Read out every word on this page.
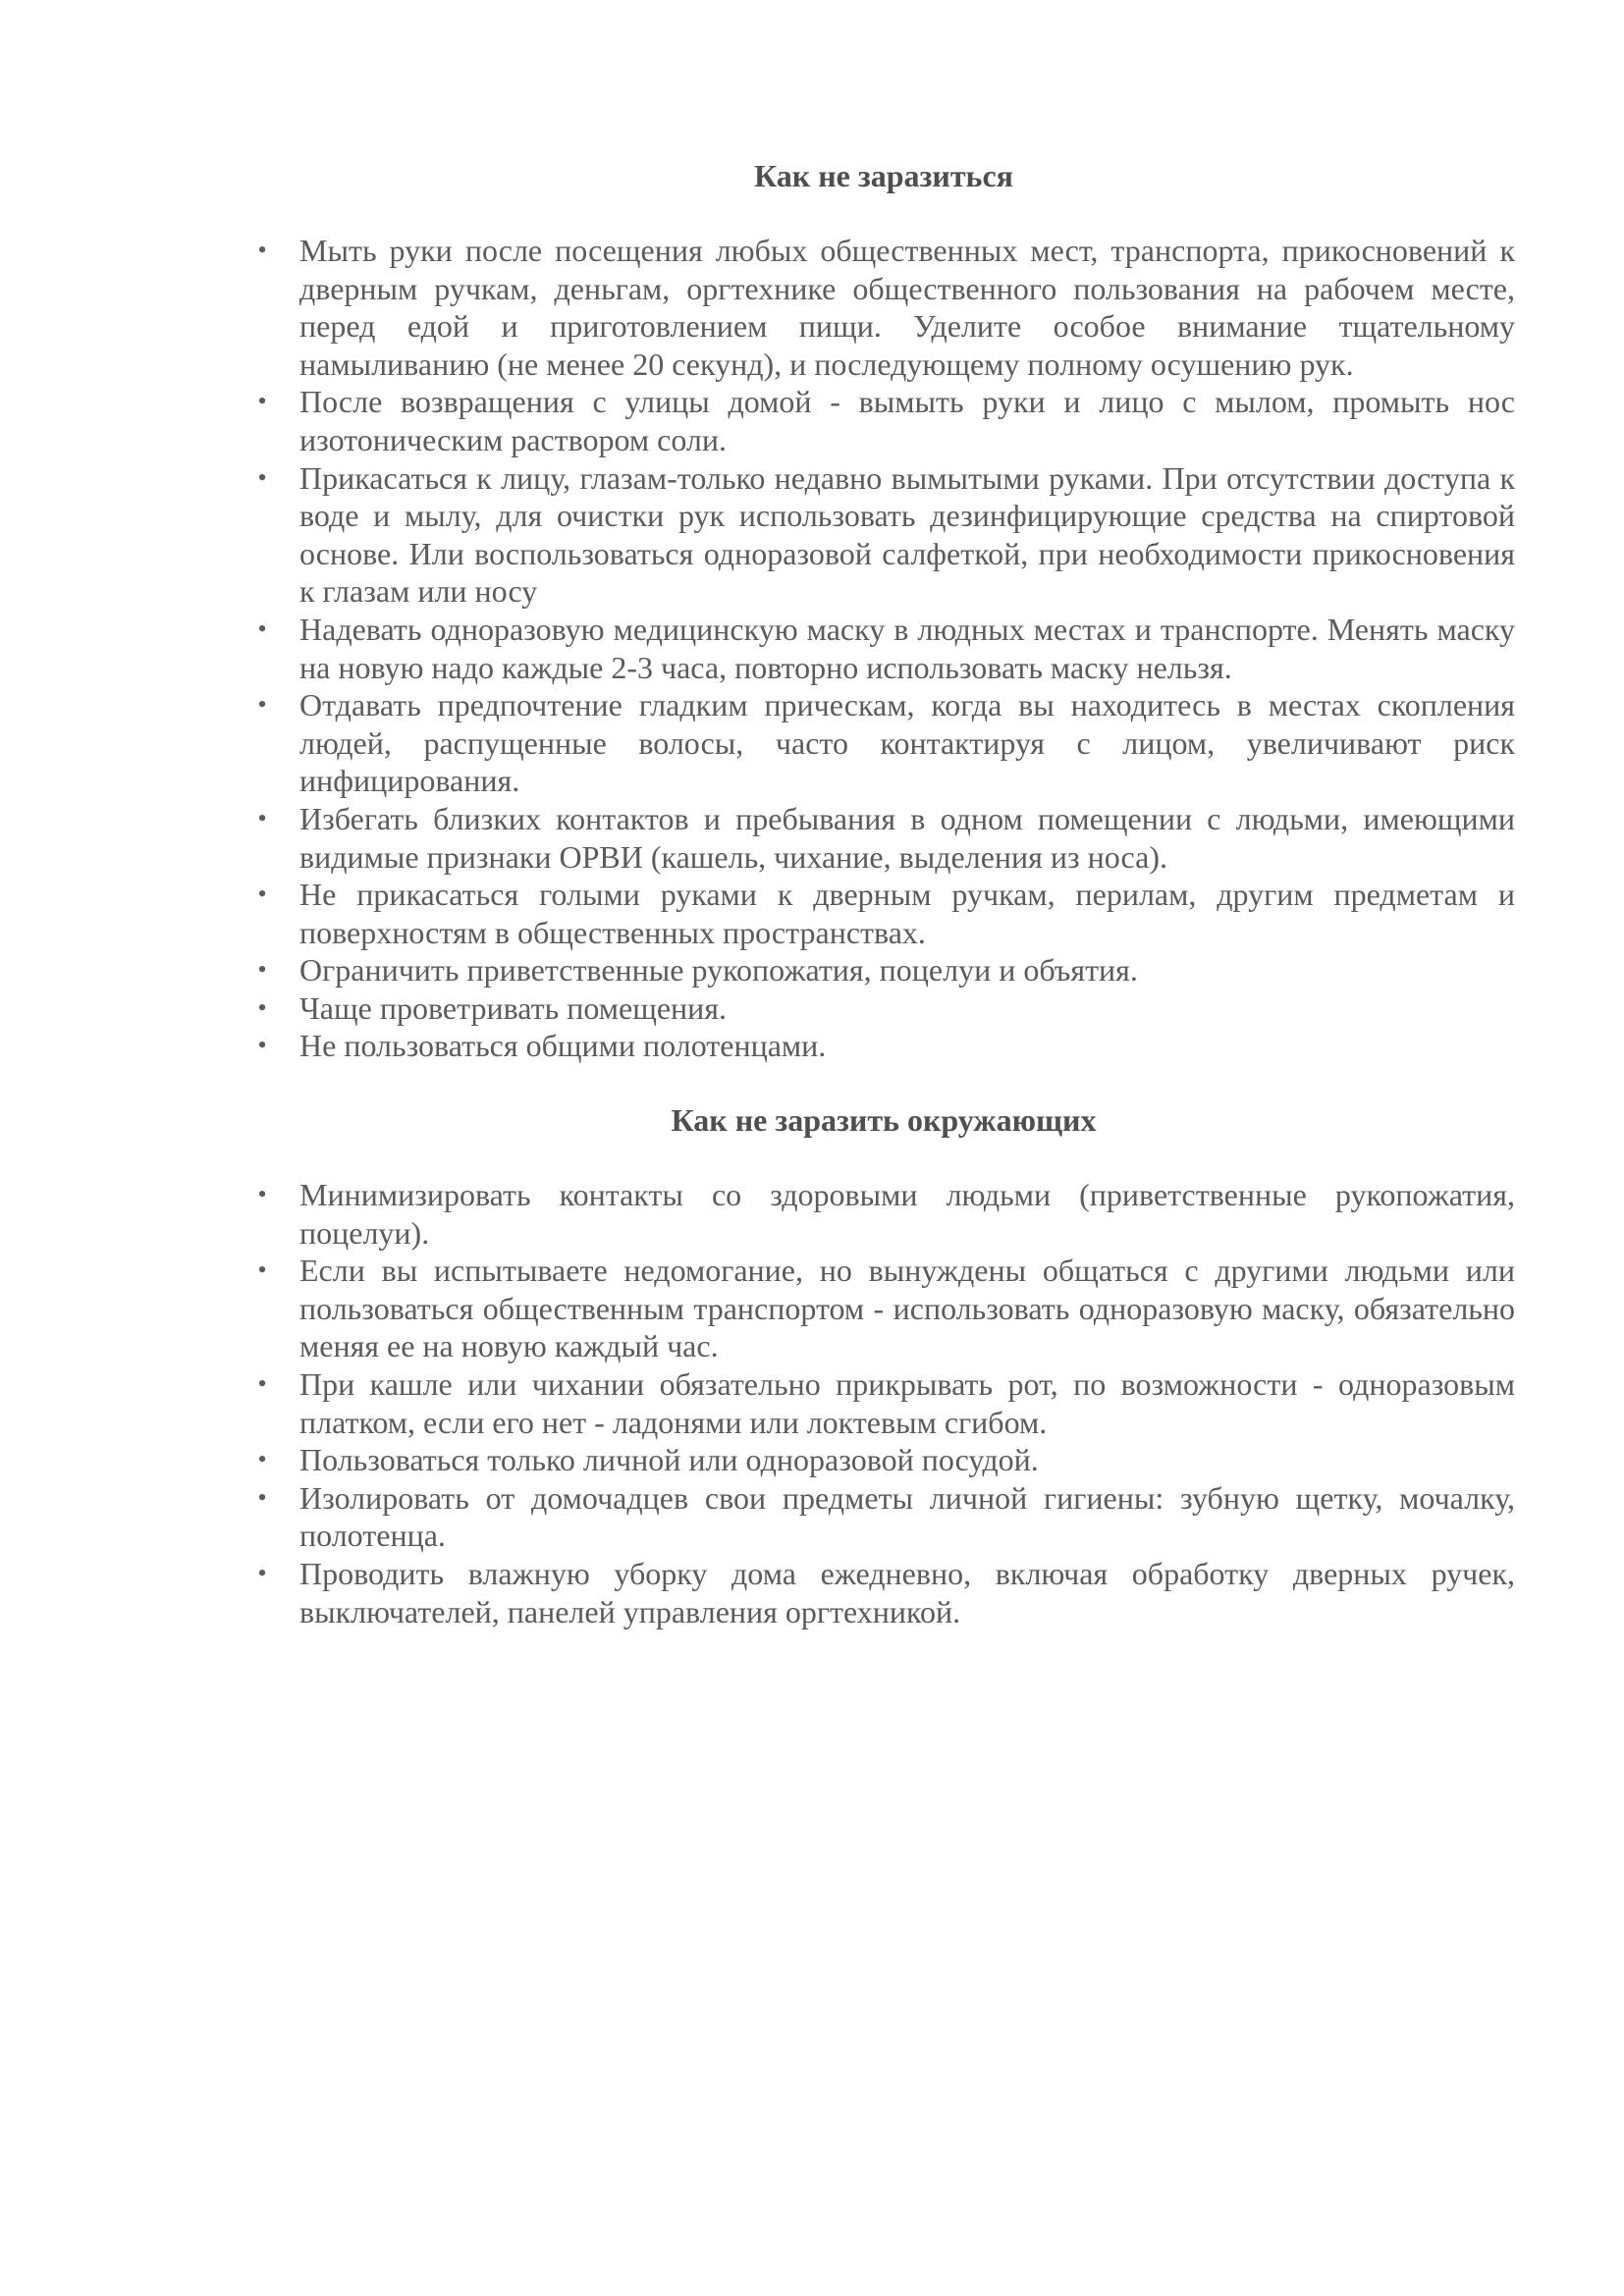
Как не заразиться
• Мыть руки после посещения любых общественных мест, транспорта, прикосновений к дверным ручкам, деньгам, оргтехнике общественного пользования на рабочем месте, перед едой и приготовлением пищи. Уделите особое внимание тщательному намыливанию (не менее 20 секунд), и последующему полному осушению рук.
• После возвращения с улицы домой - вымыть руки и лицо с мылом, промыть нос изотоническим раствором соли.
• Прикасаться к лицу, глазам-только недавно вымытыми руками. При отсутствии доступа к воде и мылу, для очистки рук использовать дезинфицирующие средства на спиртовой основе. Или воспользоваться одноразовой салфеткой, при необходимости прикосновения к глазам или носу
• Надевать одноразовую медицинскую маску в людных местах и транспорте. Менять маску на новую надо каждые 2-3 часа, повторно использовать маску нельзя.
• Отдавать предпочтение гладким прическам, когда вы находитесь в местах скопления людей, распущенные волосы, часто контактируя с лицом, увеличивают риск инфицирования.
• Избегать близких контактов и пребывания в одном помещении с людьми, имеющими видимые признаки ОРВИ (кашель, чихание, выделения из носа).
• Не прикасаться голыми руками к дверным ручкам, перилам, другим предметам и поверхностям в общественных пространствах.
• Ограничить приветственные рукопожатия, поцелуи и объятия.
• Чаще проветривать помещения.
• Не пользоваться общими полотенцами.
Как не заразить окружающих
• Минимизировать контакты со здоровыми людьми (приветственные рукопожатия, поцелуи).
• Если вы испытываете недомогание, но вынуждены общаться с другими людьми или пользоваться общественным транспортом - использовать одноразовую маску, обязательно меняя ее на новую каждый час.
• При кашле или чихании обязательно прикрывать рот, по возможности - одноразовым платком, если его нет - ладонями или локтевым сгибом.
• Пользоваться только личной или одноразовой посудой.
• Изолировать от домочадцев свои предметы личной гигиены: зубную щетку, мочалку, полотенца.
• Проводить влажную уборку дома ежедневно, включая обработку дверных ручек, выключателей, панелей управления оргтехникой.
